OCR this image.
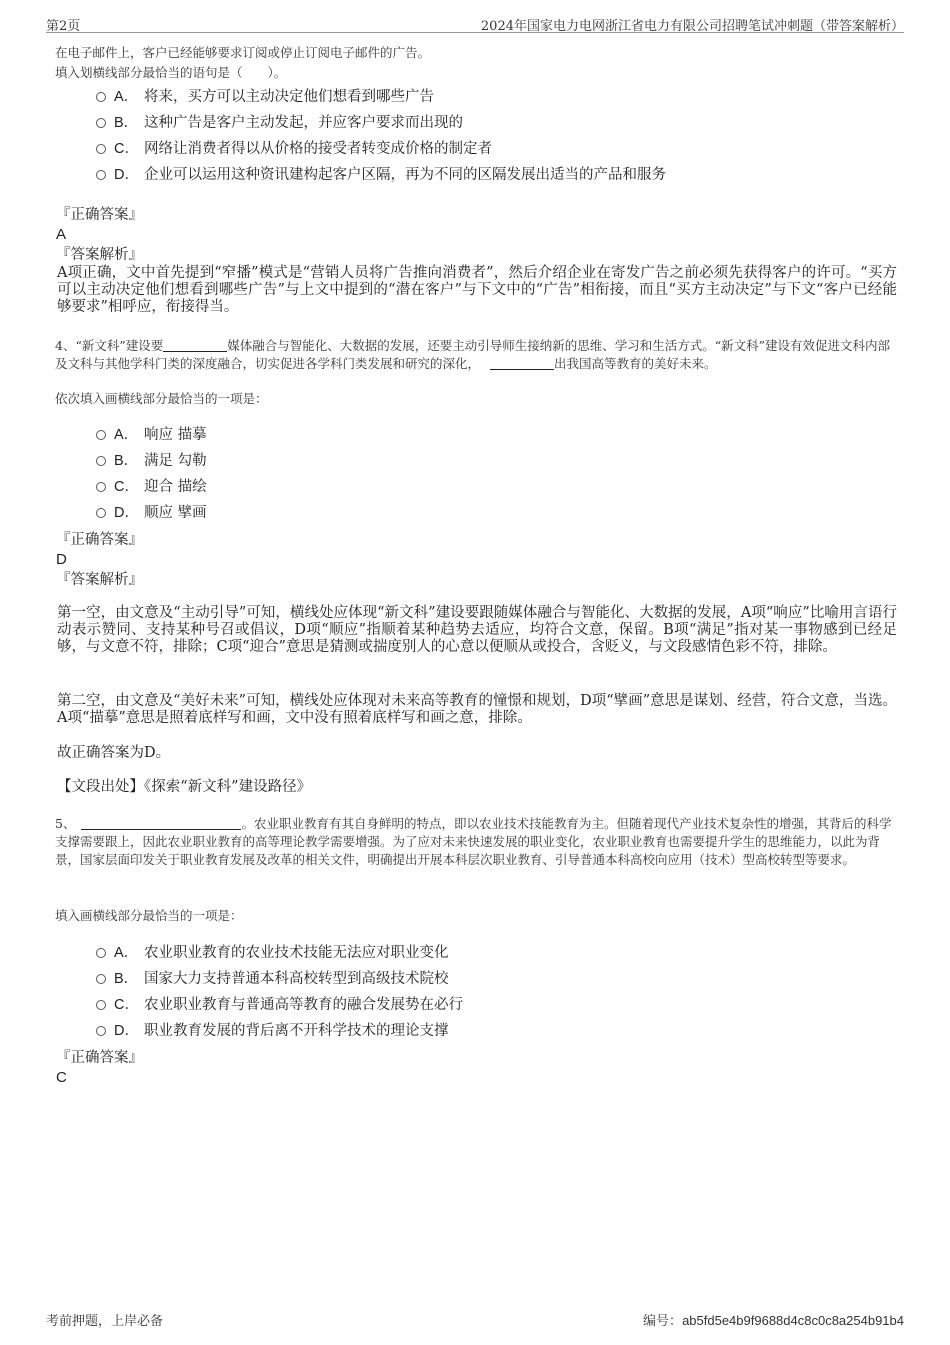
第2页	2024年国家电力电网浙江省电力有限公司招聘笔试冲刺题（带答案解析）
在电子邮件上，客户已经能够要求订阅或停止订阅电子邮件的广告。
填入划横线部分最恰当的语句是（　　）。
A． 将来，买方可以主动决定他们想看到哪些广告
B． 这种广告是客户主动发起，并应客户要求而出现的
C． 网络让消费者得以从价格的接受者转变成价格的制定者
D． 企业可以运用这种资讯建构起客户区隔，再为不同的区隔发展出适当的产品和服务
『正确答案』
A
『答案解析』
A项正确，文中首先提到“窄播”模式是“营销人员将广告推向消费者”，然后介绍企业在寄发广告之前必须先获得客户的许可。“买方可以主动决定他们想看到哪些广告”与上文中提到的“潜在客户”与下文中的“广告”相衔接，而且“买方主动决定”与下文“客户已经能够要求”相呼应，衔接得当。
4、“新文科”建设要	媒体融合与智能化、大数据的发展，还要主动引导师生接纳新的思维、学习和生活方式。“新文科”建设有效促进文科内部及文科与其他学科门类的深度融合，切实促进各学科门类发展和研究的深化，	出我国高等教育的美好未来。
依次填入画横线部分最恰当的一项是：
A． 响应 描摹
B． 满足 勾勒
C． 迎合 描绘
D． 顺应 擘画
『正确答案』
D
『答案解析』
第一空，由文意及“主动引导”可知，横线处应体现“新文科”建设要跟随媒体融合与智能化、大数据的发展，A项“响应”比喻用言语行动表示赞同、支持某种号召或倡议，D项“顺应”指顺着某种趋势去适应，均符合文意，保留。B项“满足”指对某一事物感到已经足够，与文意不符，排除；C项“迎合”意思是猜测或揣度别人的心意以便顺从或投合，含贬义，与文段感情色彩不符，排除。
第二空，由文意及“美好未来”可知，横线处应体现对未来高等教育的憧憬和规划，D项“擘画”意思是谋划、经营，符合文意，当选。A项“描摹”意思是照着底样写和画，文中没有照着底样写和画之意，排除。
故正确答案为D。
【文段出处】《探索“新文科”建设路径》
5、	。农业职业教育有其自身鲜明的特点，即以农业技术技能教育为主。但随着现代产业技术复杂性的增强，其背后的科学支撑需要跟上，因此农业职业教育的高等理论教学需要增强。为了应对未来快速发展的职业变化，农业职业教育也需要提升学生的思维能力，以此为背景，国家层面印发关于职业教育发展及改革的相关文件，明确提出开展本科层次职业教育、引导普通本科高校向应用（技术）型高校转型等要求。
填入画横线部分最恰当的一项是：
A． 农业职业教育的农业技术技能无法应对职业变化
B． 国家大力支持普通本科高校转型到高级技术院校
C． 农业职业教育与普通高等教育的融合发展势在必行
D． 职业教育发展的背后离不开科学技术的理论支撑
『正确答案』
C
考前押题，上岸必备	编号：ab5fd5e4b9f9688d4c8c0c8a254b91b4
